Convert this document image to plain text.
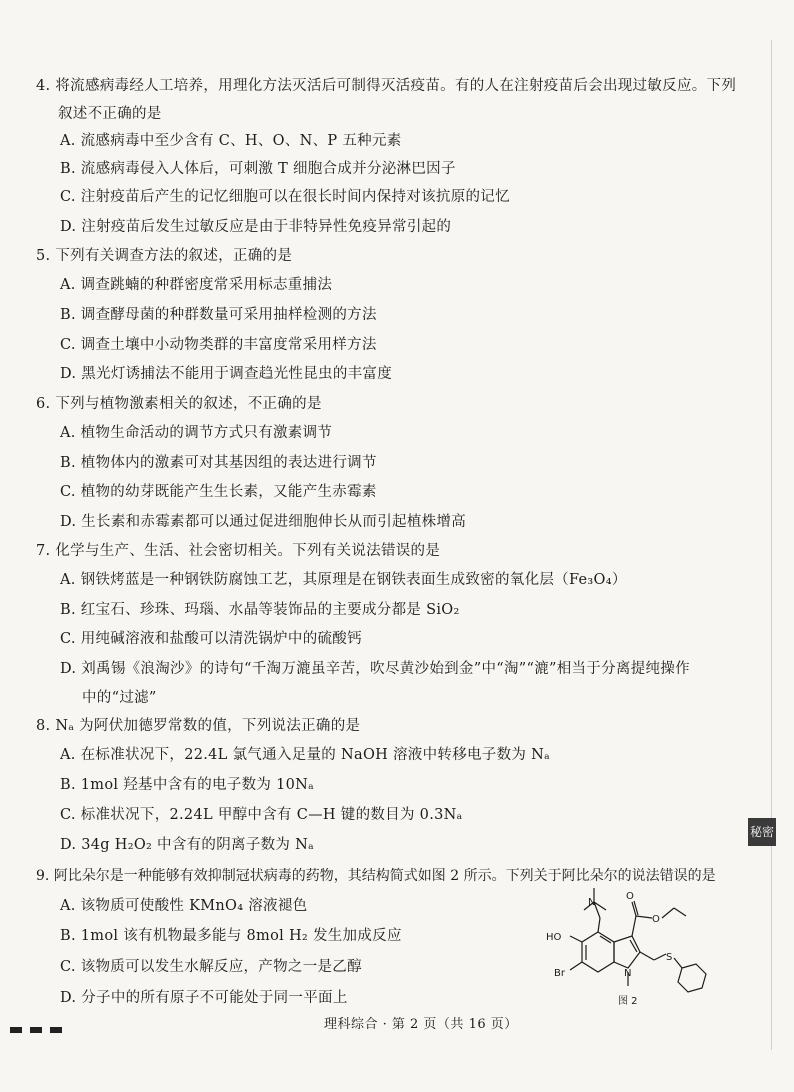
4. 将流感病毒经人工培养，用理化方法灭活后可制得灭活疫苗。有的人在注射疫苗后会出现过敏反应。下列
叙述不正确的是
A. 流感病毒中至少含有 C、H、O、N、P 五种元素
B. 流感病毒侵入人体后，可刺激 T 细胞合成并分泌淋巴因子
C. 注射疫苗后产生的记忆细胞可以在很长时间内保持对该抗原的记忆
D. 注射疫苗后发生过敏反应是由于非特异性免疫异常引起的
5. 下列有关调查方法的叙述，正确的是
A. 调查跳蝻的种群密度常采用标志重捕法
B. 调查酵母菌的种群数量可采用抽样检测的方法
C. 调查土壤中小动物类群的丰富度常采用样方法
D. 黑光灯诱捕法不能用于调查趋光性昆虫的丰富度
6. 下列与植物激素相关的叙述，不正确的是
A. 植物生命活动的调节方式只有激素调节
B. 植物体内的激素可对其基因组的表达进行调节
C. 植物的幼芽既能产生生长素，又能产生赤霉素
D. 生长素和赤霉素都可以通过促进细胞伸长从而引起植株增高
7. 化学与生产、生活、社会密切相关。下列有关说法错误的是
A. 钢铁烤蓝是一种钢铁防腐蚀工艺，其原理是在钢铁表面生成致密的氧化层（Fe₃O₄）
B. 红宝石、珍珠、玛瑙、水晶等装饰品的主要成分都是 SiO₂
C. 用纯碱溶液和盐酸可以清洗锅炉中的硫酸钙
D. 刘禹锡《浪淘沙》的诗句“千淘万漉虽辛苦，吹尽黄沙始到金”中“淘”“漉”相当于分离提纯操作
中的“过滤”
8. Nₐ 为阿伏加德罗常数的值，下列说法正确的是
A. 在标准状况下，22.4L 氯气通入足量的 NaOH 溶液中转移电子数为 Nₐ
B. 1mol 羟基中含有的电子数为 10Nₐ
C. 标准状况下，2.24L 甲醇中含有 C—H 键的数目为 0.3Nₐ
D. 34g H₂O₂ 中含有的阴离子数为 Nₐ
9. 阿比朵尔是一种能够有效抑制冠状病毒的药物，其结构简式如图 2 所示。下列关于阿比朵尔的说法错误的是
A. 该物质可使酸性 KMnO₄ 溶液褪色
B. 1mol 该有机物最多能与 8mol H₂ 发生加成反应
C. 该物质可以发生水解反应，产物之一是乙醇
D. 分子中的所有原子不可能处于同一平面上
N
HO
Br	N
O
O
S
图 2
秘密
理科综合 · 第 2 页（共 16 页）
